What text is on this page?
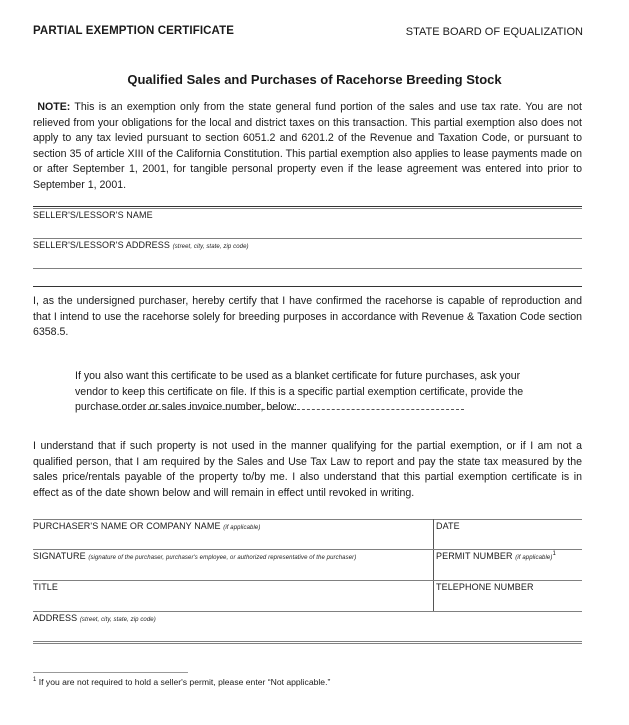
PARTIAL EXEMPTION CERTIFICATE	STATE BOARD OF EQUALIZATION
Qualified Sales and Purchases of Racehorse Breeding Stock
NOTE: This is an exemption only from the state general fund portion of the sales and use tax rate. You are not relieved from your obligations for the local and district taxes on this transaction. This partial exemption also does not apply to any tax levied pursuant to section 6051.2 and 6201.2 of the Revenue and Taxation Code, or pursuant to section 35 of article XIII of the California Constitution. This partial exemption also applies to lease payments made on or after September 1, 2001, for tangible personal property even if the lease agreement was entered into prior to September 1, 2001.
SELLER'S/LESSOR'S NAME
SELLER'S/LESSOR'S ADDRESS (street, city, state, zip code)
I, as the undersigned purchaser, hereby certify that I have confirmed the racehorse is capable of reproduction and that I intend to use the racehorse solely for breeding purposes in accordance with Revenue & Taxation Code section 6358.5.
If you also want this certificate to be used as a blanket certificate for future purchases, ask your vendor to keep this certificate on file. If this is a specific partial exemption certificate, provide the purchase order or sales invoice number, below:
I understand that if such property is not used in the manner qualifying for the partial exemption, or if I am not a qualified person, that I am required by the Sales and Use Tax Law to report and pay the state tax measured by the sales price/rentals payable of the property to/by me. I also understand that this partial exemption certificate is in effect as of the date shown below and will remain in effect until revoked in writing.
PURCHASER'S NAME OR COMPANY NAME (if applicable)	DATE
SIGNATURE (signature of the purchaser, purchaser's employee, or authorized representative of the purchaser)	PERMIT NUMBER (if applicable)$^1$
TITLE	TELEPHONE NUMBER
ADDRESS (street, city, state, zip code)
$^1$ If you are not required to hold a seller's permit, please enter “Not applicable.”
